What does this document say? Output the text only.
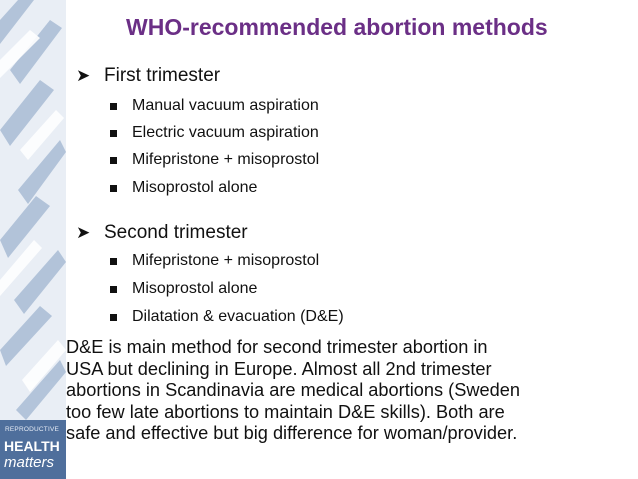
REPRODUCTIVE
HEALTH
matters
WHO-recommended abortion methods
➤ First trimester
Manual vacuum aspiration
Electric vacuum aspiration
Mifepristone + misoprostol
Misoprostol alone
➤ Second trimester
Mifepristone + misoprostol
Misoprostol alone
Dilatation & evacuation (D&E)
D&E is main method for second trimester abortion in
USA but declining in Europe. Almost all 2nd trimester
abortions in Scandinavia are medical abortions (Sweden
too few late abortions to maintain D&E skills). Both are
safe and effective but big difference for woman/provider.
